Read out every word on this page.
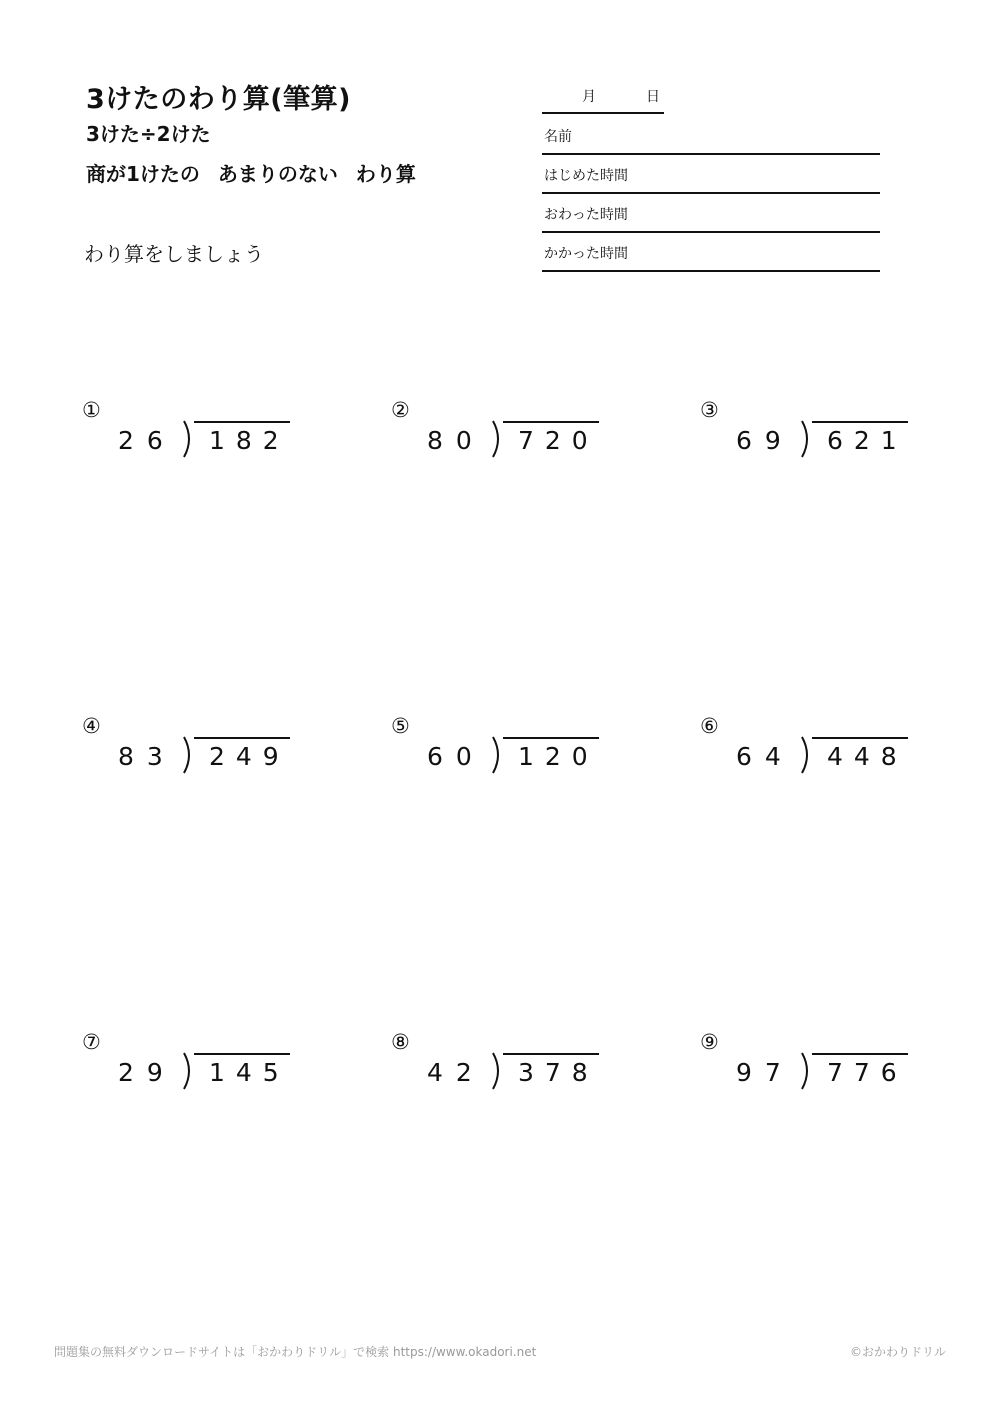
3けたのわり算(筆算)
3けた÷2けた
商が1けたの あまりのない わり算
わり算をしましょう
月	日
名前
はじめた時間
おわった時間
かかった時間
①
26 182
②
80 720
③
69 621
④
83 249
⑤
60 120
⑥
64 448
⑦
29 145
⑧
42 378
⑨
97 776
問題集の無料ダウンロードサイトは「おかわりドリル」で検索 https://www.okadori.net	©おかわりドリル
